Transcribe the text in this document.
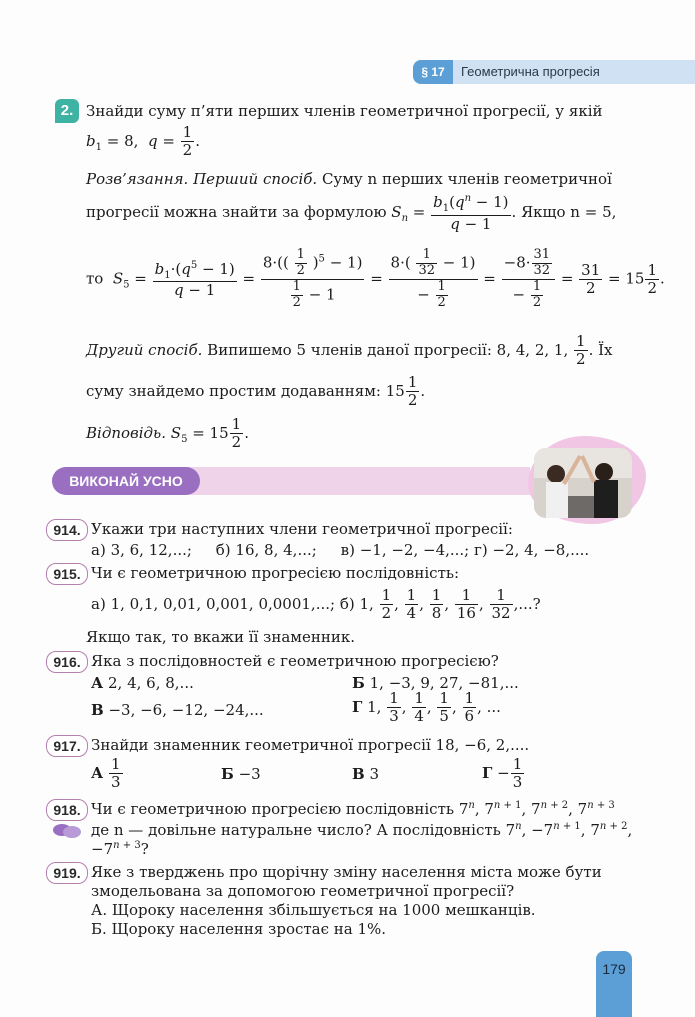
§ 17	Геометрична прогресія
2. Знайди суму п’яти перших членів геометричної прогресії, у якій
$b_1 = 8$,  $q = \frac{1}{2}$ .
Розв’язання. Перший спосіб. Суму n перших членів геометричної
прогресії можна знайти за формулою $S_n = \frac{b_1(q^n - 1)}{q - 1}$ . Якщо n = 5,
то  $S_5 = \frac{b_1\cdot(q^5 - 1)}{q - 1} = \frac{8\cdot(( \frac{1}{2} )^5 - 1)}{\frac{1}{2} - 1} = \frac{8\cdot( \frac{1}{32} - 1)}{- \frac{1}{2}} = \frac{-8\cdot \frac{31}{32}}{- \frac{1}{2}} = \frac{31}{2} = 15 \frac{1}{2}$ .
Другий спосіб. Випишемо 5 членів даної прогресії: 8, 4, 2, 1, $\frac{1}{2}$ . Їх
суму знайдемо простим додаванням: $15 \frac{1}{2}$ .
Відповідь. $S_5 = 15 \frac{1}{2}$ .
ВИКОНАЙ УСНО
914. Укажи три наступних члени геометричної прогресії:
а) 3, 6, 12,...;     б) 16, 8, 4,...;     в) −1, −2, −4,...; г) −2, 4, −8,....
915. Чи є геометричною прогресією послідовність:
а) 1, 0,1, 0,01, 0,001, 0,0001,...; б) 1, $\frac{1}{2}$ , $\frac{1}{4}$ , $\frac{1}{8}$ , $\frac{1}{16}$ , $\frac{1}{32}$ ,...?
Якщо так, то вкажи її знаменник.
916. Яка з послідовностей є геометричною прогресією?
А 2, 4, 6, 8,...	Б 1, −3, 9, 27, −81,...
В −3, −6, −12, −24,...	Г 1, $\frac{1}{3}$ , $\frac{1}{4}$ , $\frac{1}{5}$ , $\frac{1}{6}$ , ...
917. Знайди знаменник геометричної прогресії 18, −6, 2,....
А $\frac{1}{3}$	Б −3	В 3	$Г - \frac{1}{3}$
918. Чи є геометричною прогресією послідовність 7$^n$, $7^{n + 1}$, $7^{n + 2}$, $7^{n + 3}$
де n — довільне натуральне число? А послідовність $7^n$, $-7^{n + 1}$, $7^{n + 2}$,
$-7^{n + 3}$?
919. Яке з тверджень про щорічну зміну населення міста може бути
змодельована за допомогою геометричної прогресії?
А. Щороку населення збільшується на 1000 мешканців.
Б. Щороку населення зростає на 1%.
179
